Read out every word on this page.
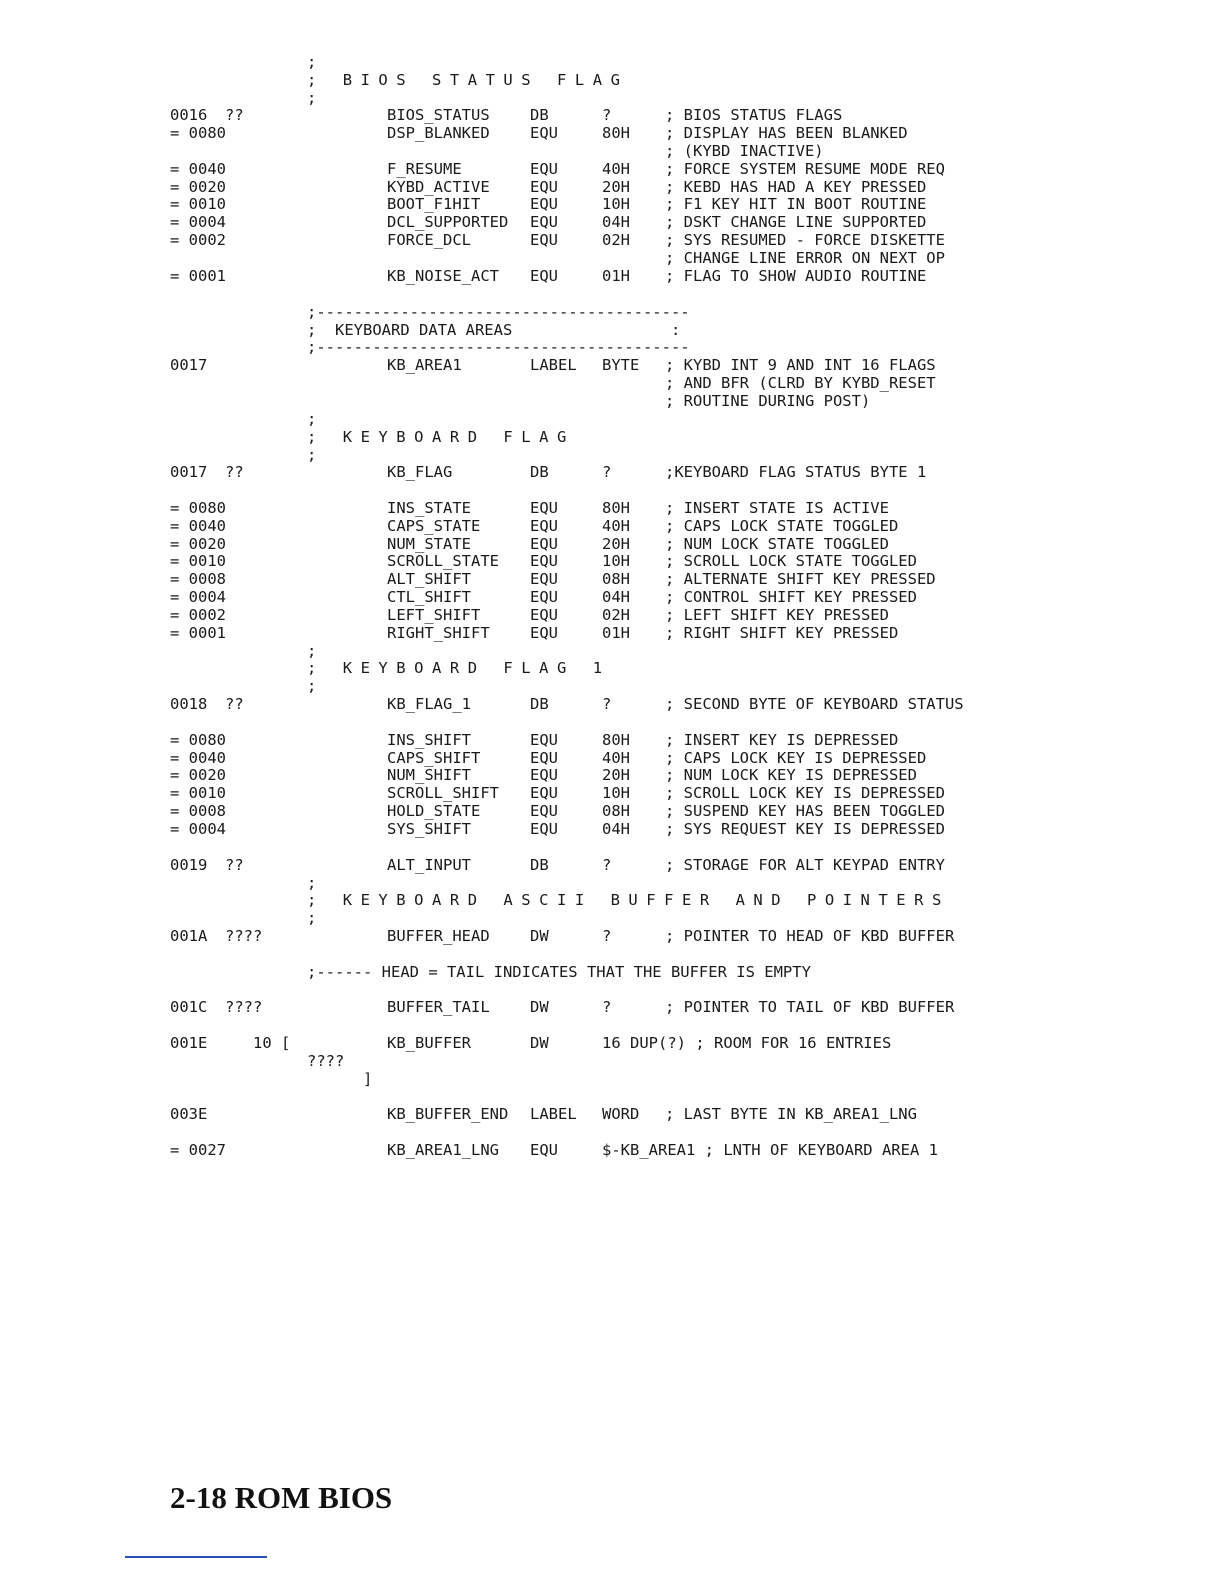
;
; BIOS STATUS FLAG
;
0016 ??	BIOS_STATUS	DB	?	; BIOS STATUS FLAGS
= 0080	DSP_BLANKED	EQU	80H ; DISPLAY HAS BEEN BLANKED
; (KYBD INACTIVE)
= 0040	F_RESUME	EQU	40H ; FORCE SYSTEM RESUME MODE REQ
= 0020	KYBD_ACTIVE	EQU	20H ; KEBD HAS HAD A KEY PRESSED
= 0010	BOOT_F1HIT	EQU	10H ; F1 KEY HIT IN BOOT ROUTINE
= 0004	DCL_SUPPORTED EQU	04H ; DSKT CHANGE LINE SUPPORTED
= 0002	FORCE_DCL	EQU	02H ; SYS RESUMED - FORCE DISKETTE
; CHANGE LINE ERROR ON NEXT OP
= 0001	KB_NOISE_ACT EQU	01H ; FLAG TO SHOW AUDIO ROUTINE
;----------------------------------------
;  KEYBOARD DATA AREAS                 :
;----------------------------------------
0017	KB_AREA1	LABEL BYTE ; KYBD INT 9 AND INT 16 FLAGS
; AND BFR (CLRD BY KYBD_RESET
; ROUTINE DURING POST)
;
; KEYBOARD FLAG
;
0017 ??	KB_FLAG	DB	?	;KEYBOARD FLAG STATUS BYTE 1
= 0080	INS_STATE	EQU	80H ; INSERT STATE IS ACTIVE
= 0040	CAPS_STATE	EQU	40H ; CAPS LOCK STATE TOGGLED
= 0020	NUM_STATE	EQU	20H ; NUM LOCK STATE TOGGLED
= 0010	SCROLL_STATE EQU	10H ; SCROLL LOCK STATE TOGGLED
= 0008	ALT_SHIFT	EQU	08H ; ALTERNATE SHIFT KEY PRESSED
= 0004	CTL_SHIFT	EQU	04H ; CONTROL SHIFT KEY PRESSED
= 0002	LEFT_SHIFT	EQU	02H ; LEFT SHIFT KEY PRESSED
= 0001	RIGHT_SHIFT	EQU	01H ; RIGHT SHIFT KEY PRESSED
;
; KEYBOARD FLAG 1
;
0018 ??	KB_FLAG_1	DB	?	; SECOND BYTE OF KEYBOARD STATUS
= 0080	INS_SHIFT	EQU	80H ; INSERT KEY IS DEPRESSED
= 0040	CAPS_SHIFT	EQU	40H ; CAPS LOCK KEY IS DEPRESSED
= 0020	NUM_SHIFT	EQU	20H ; NUM LOCK KEY IS DEPRESSED
= 0010	SCROLL_SHIFT EQU	10H ; SCROLL LOCK KEY IS DEPRESSED
= 0008	HOLD_STATE	EQU	08H ; SUSPEND KEY HAS BEEN TOGGLED
= 0004	SYS_SHIFT	EQU	04H ; SYS REQUEST KEY IS DEPRESSED
0019 ??	ALT_INPUT	DB	?	; STORAGE FOR ALT KEYPAD ENTRY
;
; KEYBOARD ASCII BUFFER AND POINTERS
;
001A ????	BUFFER_HEAD	DW	?	; POINTER TO HEAD OF KBD BUFFER
;------ HEAD = TAIL INDICATES THAT THE BUFFER IS EMPTY
001C ????	BUFFER_TAIL	DW	?	; POINTER TO TAIL OF KBD BUFFER
001E 10 [	KB_BUFFER	DW	16 DUP(?) ; ROOM FOR 16 ENTRIES
????
]
003E	KB_BUFFER_END LABEL WORD ; LAST BYTE IN KB_AREA1_LNG
= 0027	KB_AREA1_LNG EQU	$-KB_AREA1 ; LNTH OF KEYBOARD AREA 1
2-18 ROM BIOS
